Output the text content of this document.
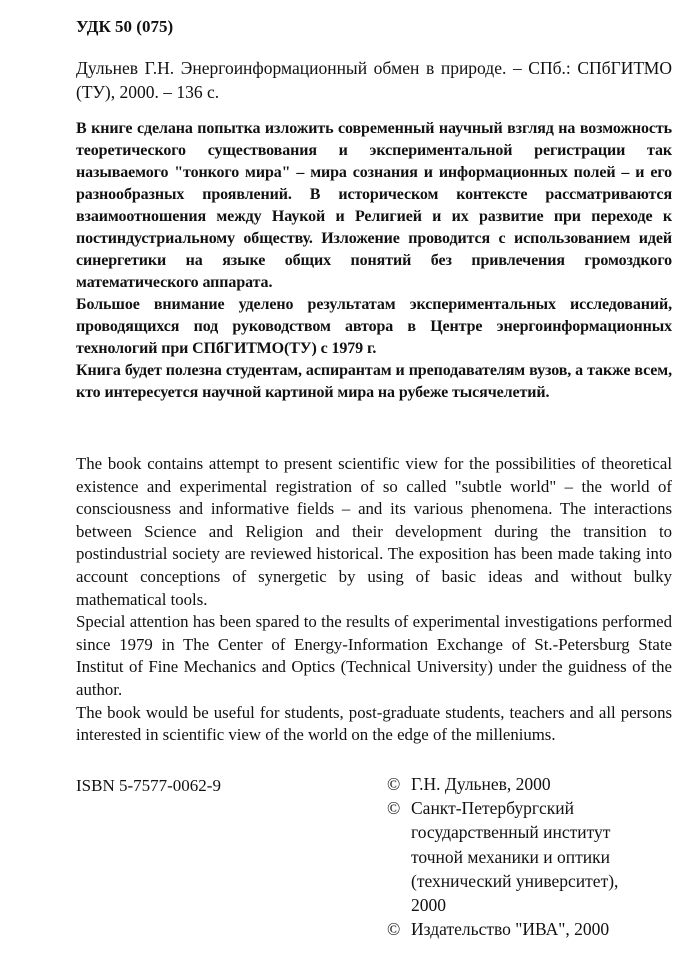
УДК 50 (075)
Дульнев Г.Н. Энергоинформационный обмен в природе. – СПб.: СПбГИТМО (ТУ), 2000. – 136 с.

В книге сделана попытка изложить современный научный взгляд на возможность теоретического существования и экспериментальной регистрации так называемого "тонкого мира" – мира сознания и информационных полей – и его разнообразных проявлений. В историческом контексте рассматриваются взаимоотношения между Наукой и Религией и их развитие при переходе к постиндустриальному обществу. Изложение проводится с использованием идей синергетики на языке общих понятий без привлечения громоздкого математического аппарата.

Большое внимание уделено результатам экспериментальных исследований, проводящихся под руководством автора в Центре энергоинформационных технологий при СПбГИТМО(ТУ) с 1979 г.

Книга будет полезна студентам, аспирантам и преподавателям вузов, а также всем, кто интересуется научной картиной мира на рубеже тысячелетий.

The book contains attempt to present scientific view for the possibilities of theoretical existence and experimental registration of so called "subtle world" – the world of consciousness and informative fields – and its various phenomena. The interactions between Science and Religion and their development during the transition to postindustrial society are reviewed historical. The exposition has been made taking into account conceptions of synergetic by using of basic ideas and without bulky mathematical tools.

Special attention has been spared to the results of experimental investigations performed since 1979 in The Center of Energy-Information Exchange of St.-Petersburg State Institut of Fine Mechanics and Optics (Technical University) under the guidness of the author.

The book would be useful for students, post-graduate students, teachers and all persons interested in scientific view of the world on the edge of the milleniums.

ISBN 5-7577-0062-9	© Г.Н. Дульнев, 2000
© Санкт-Петербургский
государственный институт
точной механики и оптики
(технический университет),
2000
© Издательство "ИВА", 2000
